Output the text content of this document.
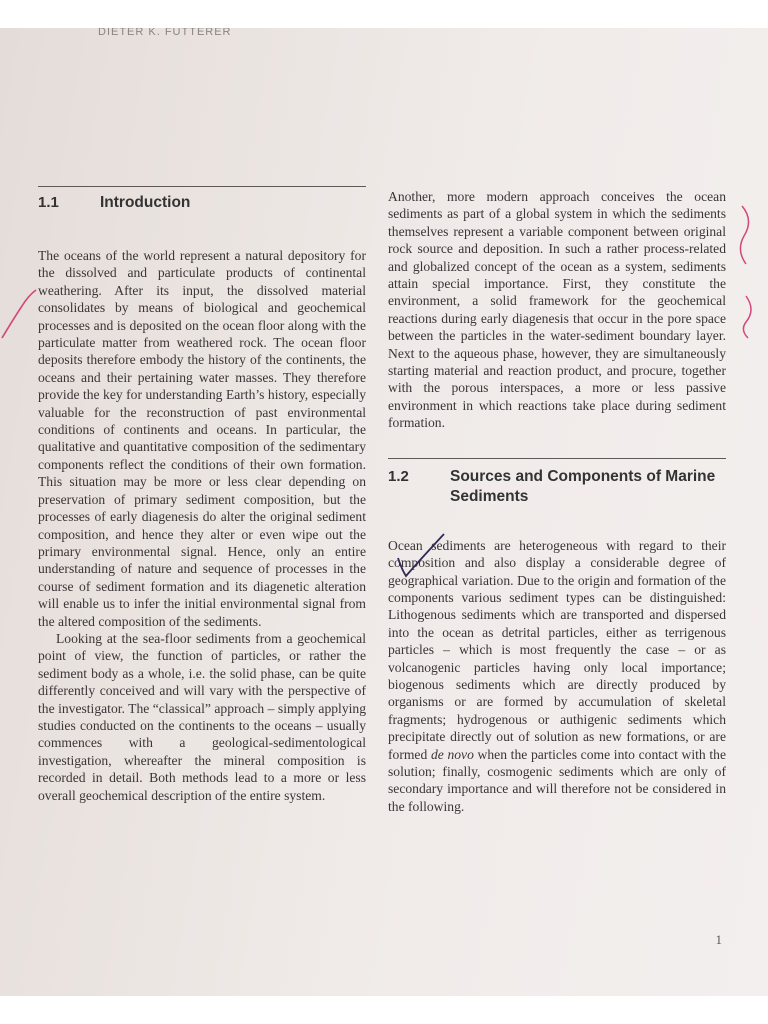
DIETER K. FUTTERER
1.1	Introduction

The oceans of the world represent a natural depository for the dissolved and particulate products of continental weathering. After its input, the dissolved material consolidates by means of biological and geochemical processes and is deposited on the ocean floor along with the particulate matter from weathered rock. The ocean floor deposits therefore embody the history of the continents, the oceans and their pertaining water masses. They therefore provide the key for understanding Earth’s history, especially valuable for the reconstruction of past environmental conditions of continents and oceans. In particular, the qualitative and quantitative composition of the sedimentary components reflect the conditions of their own formation. This situation may be more or less clear depending on preservation of primary sediment composition, but the processes of early diagenesis do alter the original sediment composition, and hence they alter or even wipe out the primary environmental signal. Hence, only an entire understanding of nature and sequence of processes in the course of sediment formation and its diagenetic alteration will enable us to infer the initial environmental signal from the altered composition of the sediments.

Looking at the sea-floor sediments from a geochemical point of view, the function of particles, or rather the sediment body as a whole, i.e. the solid phase, can be quite differently conceived and will vary with the perspective of the investigator. The “classical” approach – simply applying studies conducted on the continents to the oceans – usually commences with a geological-sedimentological investigation, whereafter the mineral composition is recorded in detail. Both methods lead to a more or less overall geochemical description of the entire system.

Another, more modern approach conceives the ocean sediments as part of a global system in which the sediments themselves represent a variable component between original rock source and deposition. In such a rather process-related and globalized concept of the ocean as a system, sediments attain special importance. First, they constitute the environment, a solid framework for the geochemical reactions during early diagenesis that occur in the pore space between the particles in the water-sediment boundary layer. Next to the aqueous phase, however, they are simultaneously starting material and reaction product, and procure, together with the porous interspaces, a more or less passive environment in which reactions take place during sediment formation.

1.2	Sources and Components of Marine Sediments

Ocean sediments are heterogeneous with regard to their composition and also display a considerable degree of geographical variation. Due to the origin and formation of the components various sediment types can be distinguished: Lithogenous sediments which are transported and dispersed into the ocean as detrital particles, either as terrigenous particles – which is most frequently the case – or as volcanogenic particles having only local importance; biogenous sediments which are directly produced by organisms or are formed by accumulation of skeletal fragments; hydrogenous or authigenic sediments which precipitate directly out of solution as new formations, or are formed de novo when the particles come into contact with the solution; finally, cosmogenic sediments which are only of secondary importance and will therefore not be considered in the following.

1
